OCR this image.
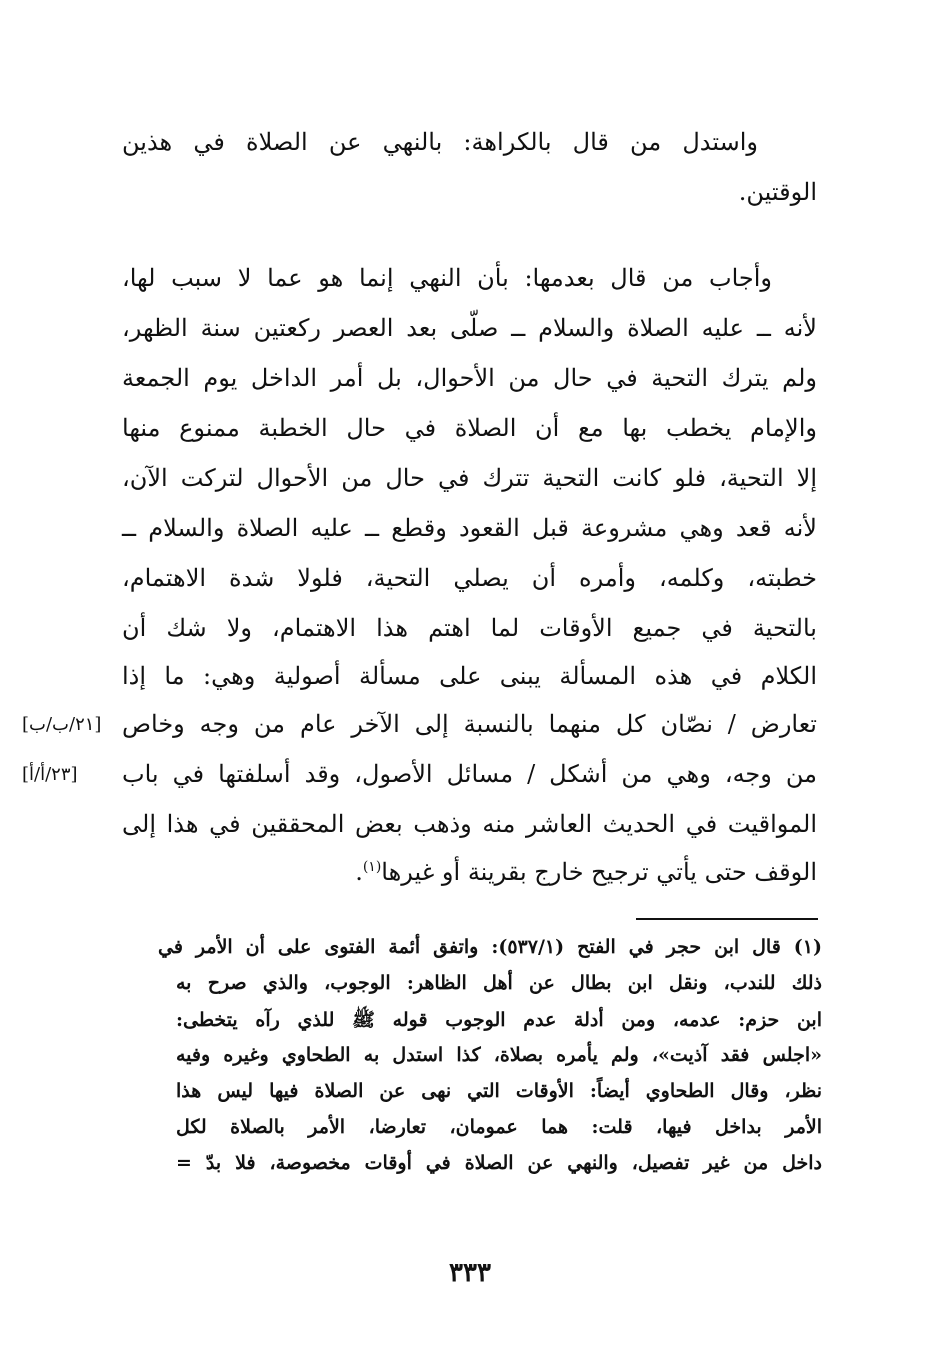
واستدل من قال بالكراهة: بالنهي عن الصلاة في هذين
الوقتين.
وأجاب من قال بعدمها: بأن النهي إنما هو عما لا سبب لها،
لأنه ــ عليه الصلاة والسلام ــ صلّى بعد العصر ركعتين سنة الظهر،
ولم يترك التحية في حال من الأحوال، بل أمر الداخل يوم الجمعة
والإمام يخطب بها مع أن الصلاة في حال الخطبة ممنوع منها
إلا التحية، فلو كانت التحية تترك في حال من الأحوال لتركت الآن،
لأنه قعد وهي مشروعة قبل القعود وقطع ــ عليه الصلاة والسلام ــ
خطبته، وكلمه، وأمره أن يصلي التحية، فلولا شدة الاهتمام،
بالتحية في جميع الأوقات لما اهتم هذا الاهتمام، ولا شك أن
الكلام في هذه المسألة يبنى على مسألة أصولية وهي: ما إذا
تعارض / نصّان كل منهما بالنسبة إلى الآخر عام من وجه وخاص
من وجه، وهي من أشكل / مسائل الأصول، وقد أسلفتها في باب
المواقيت في الحديث العاشر منه وذهب بعض المحققين في هذا إلى
الوقف حتى يأتي ترجيح خارج بقرينة أو غيرها$^{(١)}$.
[٢١/ب/ب]
[٢٣/أ/أ]
(١) قال ابن حجر في الفتح (٥٣٧/١): واتفق أئمة الفتوى على أن الأمر في
ذلك للندب، ونقل ابن بطال عن أهل الظاهر: الوجوب، والذي صرح به
ابن حزم: عدمه، ومن أدلة عدم الوجوب قوله ﷺ للذي رآه يتخطى:
«اجلس فقد آذيت»، ولم يأمره بصلاة، كذا استدل به الطحاوي وغيره وفيه
نظر، وقال الطحاوي أيضاً: الأوقات التي نهى عن الصلاة فيها ليس هذا
الأمر بداخل فيها، قلت: هما عمومان، تعارضا، الأمر بالصلاة لكل
داخل من غير تفصيل، والنهي عن الصلاة في أوقات مخصوصة، فلا بدّ =
٣٣٣
